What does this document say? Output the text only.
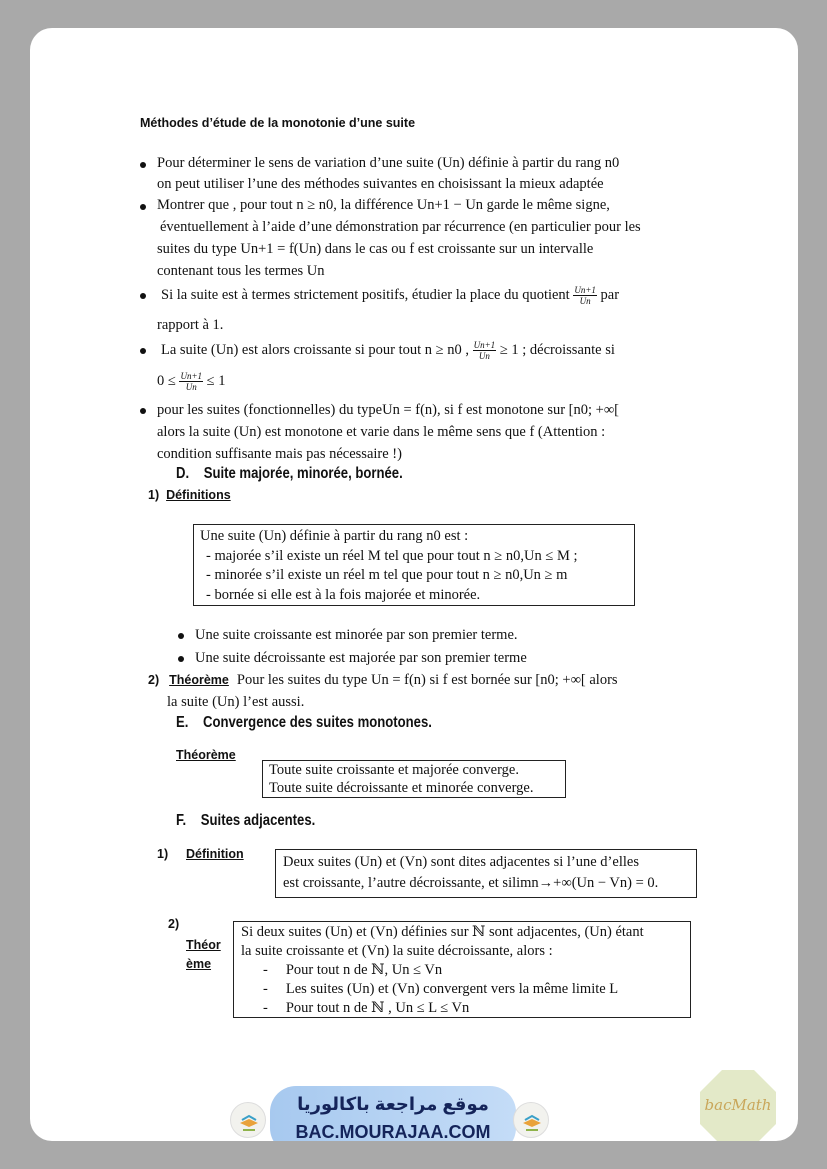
Méthodes d’étude de la monotonie d’une suite
Pour déterminer le sens de variation d’une suite (Un) définie à partir du rang n0
on peut utiliser l’une des méthodes suivantes en choisissant la mieux adaptée
Montrer que , pour tout n ≥ n0, la différence Un+1 − Un garde le même signe,
éventuellement à l’aide d’une démonstration par récurrence (en particulier pour les
suites du type Un+1 = f(Un) dans le cas ou f est croissante sur un intervalle
contenant tous les termes Un
Si la suite est à termes strictement positifs, étudier la place du quotient $\frac{Un+1}{Un}$ par
rapport à 1.
La suite (Un) est alors croissante si pour tout n ≥ n0 , $\frac{Un+1}{Un} \ge 1$ ; décroissante si
$0 \le \frac{Un+1}{Un} \le 1$
pour les suites (fonctionnelles) du typeUn = f(n), si f est monotone sur [n0; +∞[
alors la suite (Un) est monotone et varie dans le même sens que f (Attention :
condition suffisante mais pas nécessaire !)
D. Suite majorée, minorée, bornée.
1) Définitions
Une suite (Un) définie à partir du rang n0 est :
- majorée s’il existe un réel M tel que pour tout n ≥ n0,Un ≤ M ;
- minorée s’il existe un réel m tel que pour tout n ≥ n0,Un ≥ m
- bornée si elle est à la fois majorée et minorée.
Une suite croissante est minorée par son premier terme.
Une suite décroissante est majorée par son premier terme
2) Théorème Pour les suites du type Un = f(n) si f est bornée sur [n0; +∞[ alors
la suite (Un) l’est aussi.
E. Convergence des suites monotones.
Théorème
Toute suite croissante et majorée converge.
Toute suite décroissante et minorée converge.
F. Suites adjacentes.
1) Définition	Deux suites (Un) et (Vn) sont dites adjacentes si l’une d’elles
est croissante, l’autre décroissante, et silimn→+∞(Un − Vn) = 0.
2)
Théor
ème
Si deux suites (Un) et (Vn) définies sur ℕ sont adjacentes, (Un) étant
la suite croissante et (Vn) la suite décroissante, alors :
- Pour tout n de ℕ, Un ≤ Vn
- Les suites (Un) et (Vn) convergent vers la même limite L
- Pour tout n de ℕ , Un ≤ L ≤ Vn
موقع مراجعة باكالوريا
BAC.MOURAJAA.COM
bacMath
